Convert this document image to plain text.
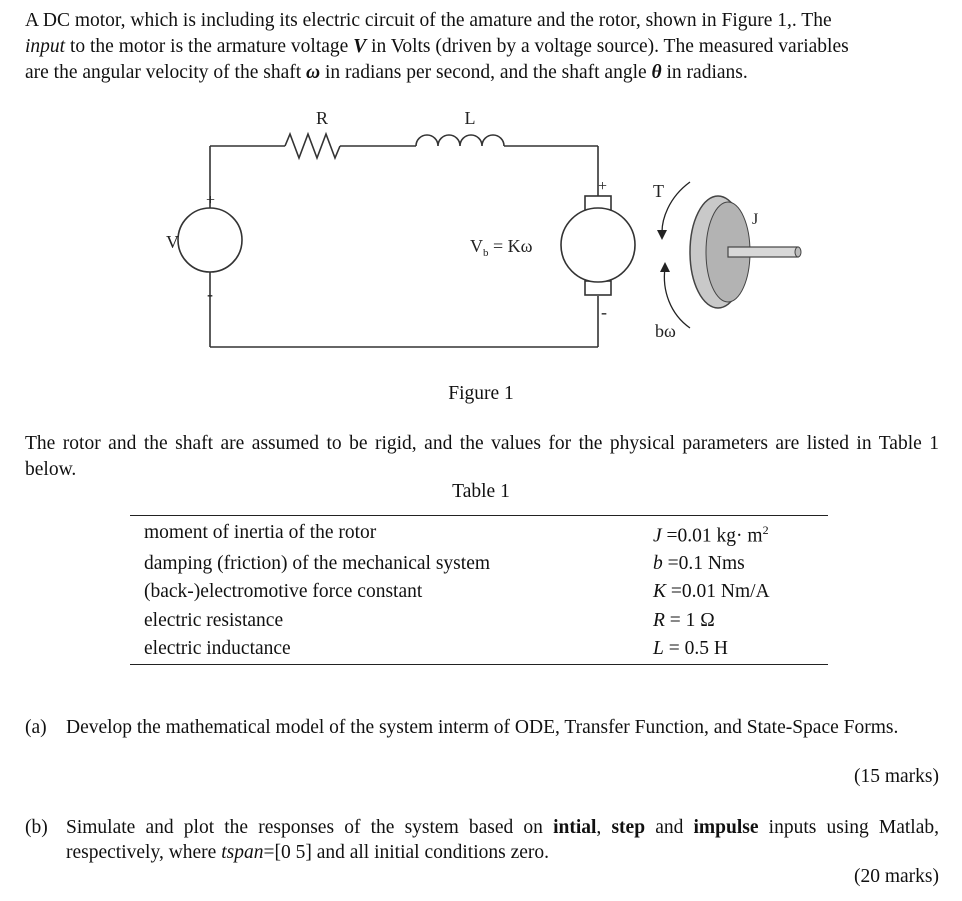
A DC motor, which is including its electric circuit of the amature and the rotor, shown in Figure 1,. The
input to the motor is the armature voltage V in Volts (driven by a voltage source). The measured variables
are the angular velocity of the shaft ω in radians per second, and the shaft angle θ in radians.
R	L
V
+
-
+
-
$V_b = K\omega$
T
J
bω
Figure 1
The rotor and the shaft are assumed to be rigid, and the values for the physical parameters are listed in Table 1 below.
Table 1
moment of inertia of the rotor	J =0.01 $kg\cdot m^2$
damping (friction) of the mechanical system	b =0.1 Nms
(back-)electromotive force constant	K =0.01 Nm/A
electric resistance	R = 1 Ω
electric inductance	L = 0.5 H
(a) Develop the mathematical model of the system interm of ODE, Transfer Function, and State-Space Forms.
(15 marks)
(b) Simulate and plot the responses of the system based on intial, step and impulse inputs using Matlab, respectively, where tspan=[0 5] and all initial conditions zero.
(20 marks)
